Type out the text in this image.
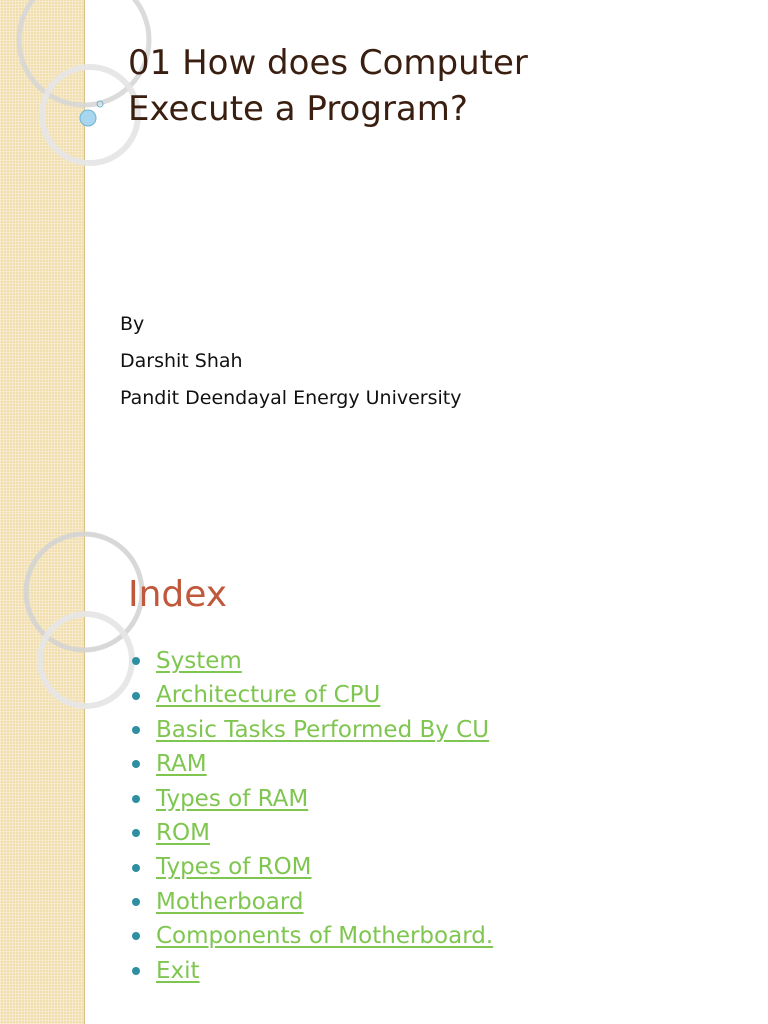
01 How does Computer
Execute a Program?
By
Darshit Shah
Pandit Deendayal Energy University
Index
System
Architecture of CPU
Basic Tasks Performed By CU
RAM
Types of RAM
ROM
Types of ROM
Motherboard
Components of Motherboard.
Exit
